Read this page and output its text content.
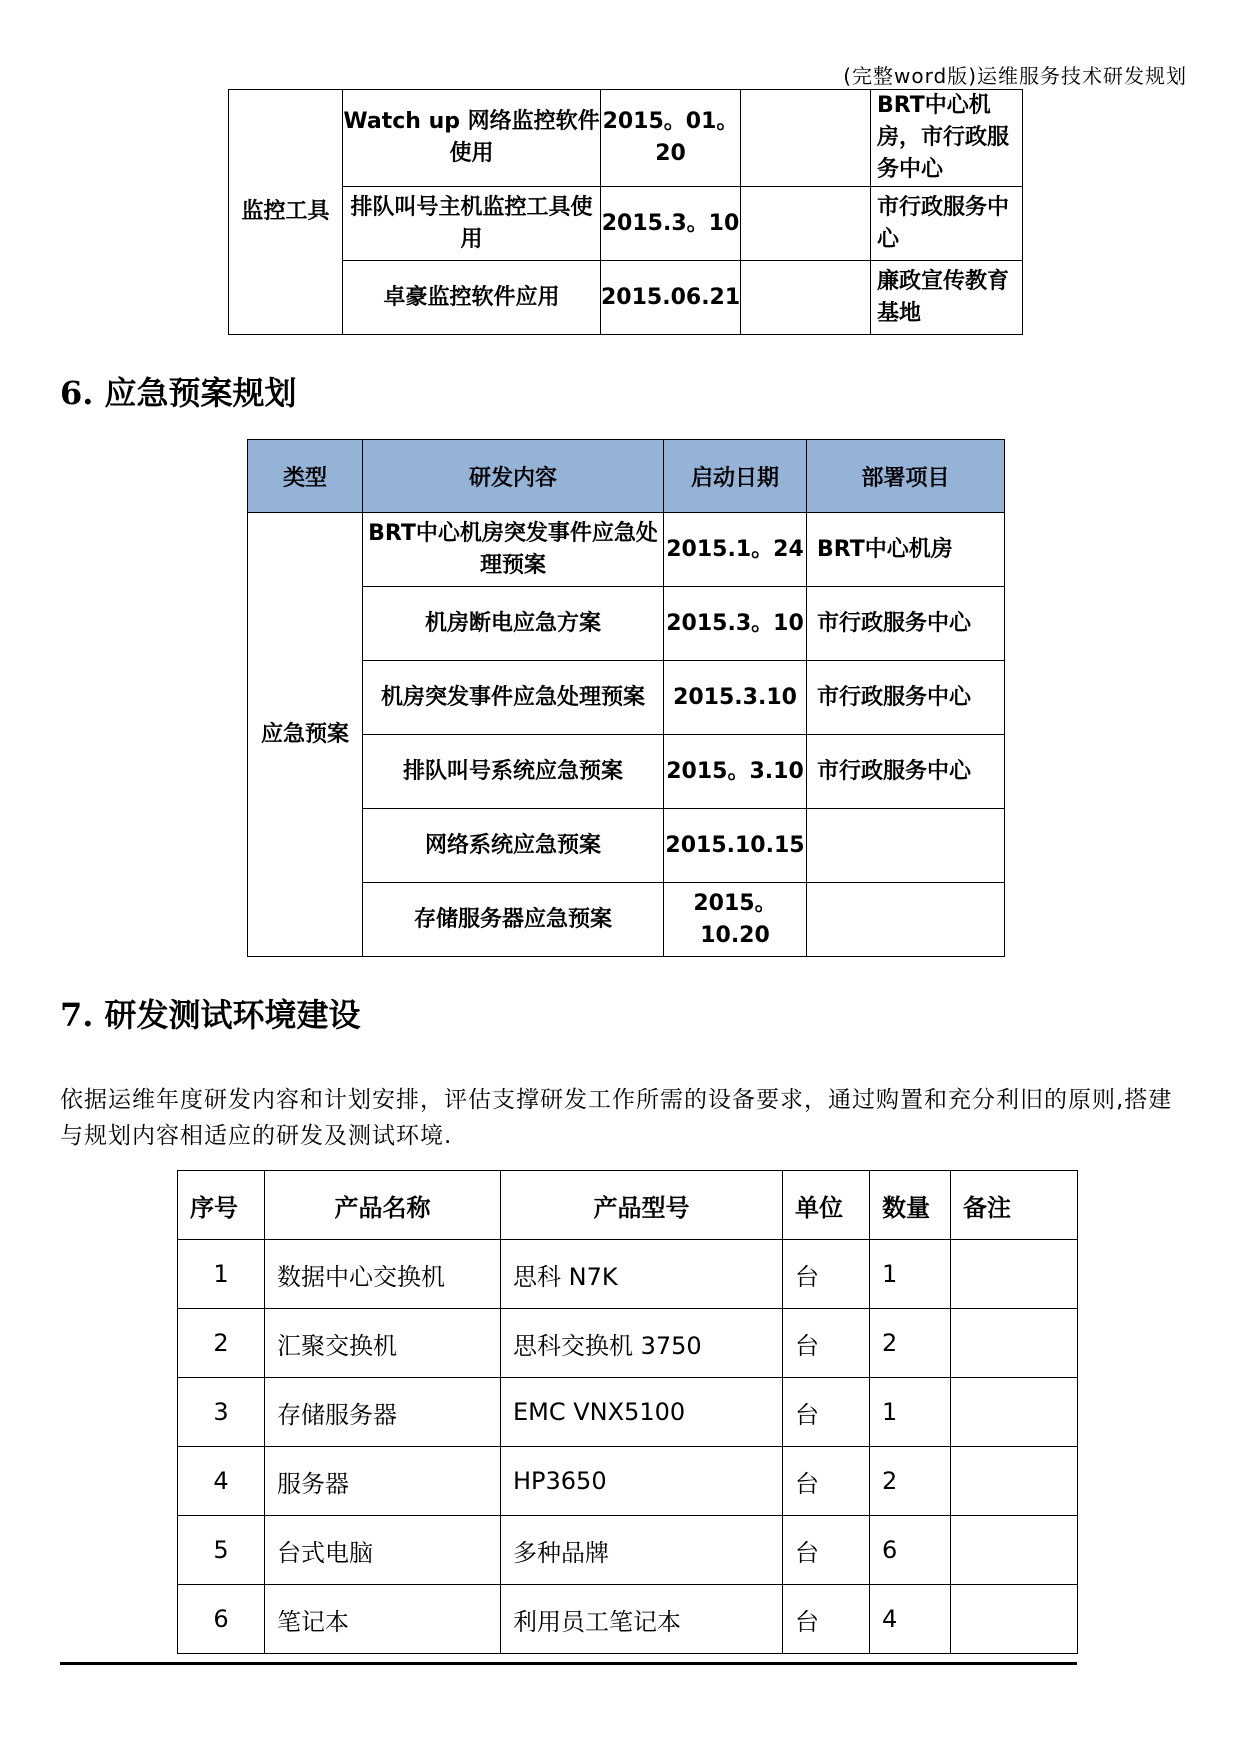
(完整word版)运维服务技术研发规划
监控工具	Watch up 网络监控软件使用	2015。01。20		BRT中心机房，市行政服务中心
	排队叫号主机监控工具使用	2015.3。10		市行政服务中心
	卓豪监控软件应用	2015.06.21		廉政宣传教育基地
6. 应急预案规划
类型	研发内容	启动日期	部署项目
应急预案	BRT中心机房突发事件应急处理预案	2015.1。24	BRT中心机房
	机房断电应急方案	2015.3。10	市行政服务中心
	机房突发事件应急处理预案	2015.3.10	市行政服务中心
	排队叫号系统应急预案	2015。3.10	市行政服务中心
	网络系统应急预案	2015.10.15	
	存储服务器应急预案	2015。10.20	
7. 研发测试环境建设
依据运维年度研发内容和计划安排，评估支撑研发工作所需的设备要求，通过购置和充分利旧的原则,搭建与规划内容相适应的研发及测试环境.
序号	产品名称	产品型号	单位	数量	备注
1	数据中心交换机	思科 N7K	台	1	
2	汇聚交换机	思科交换机 3750	台	2	
3	存储服务器	EMC VNX5100	台	1	
4	服务器	HP3650	台	2	
5	台式电脑	多种品牌	台	6	
6	笔记本	利用员工笔记本	台	4	
